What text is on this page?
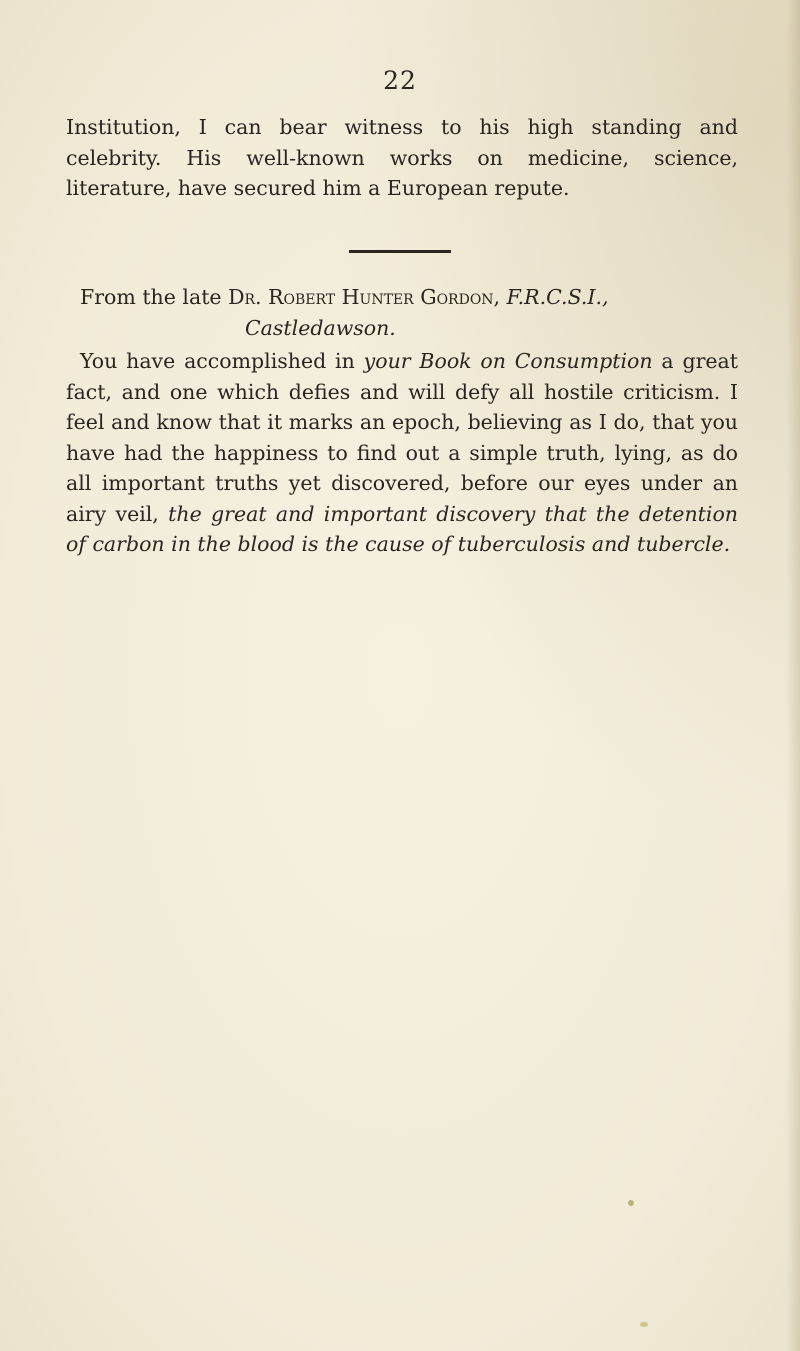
22

Institution, I can bear witness to his high standing and celebrity. His well-known works on medicine, science, literature, have secured him a European repute.

From the late Dr. Robert Hunter Gordon, F.R.C.S.I.,
Castledawson.

You have accomplished in your Book on Consumption a great fact, and one which defies and will defy all hostile criticism. I feel and know that it marks an epoch, believing as I do, that you have had the happiness to find out a simple truth, lying, as do all important truths yet discovered, before our eyes under an airy veil, the great and important discovery that the detention of carbon in the blood is the cause of tuberculosis and tubercle.
